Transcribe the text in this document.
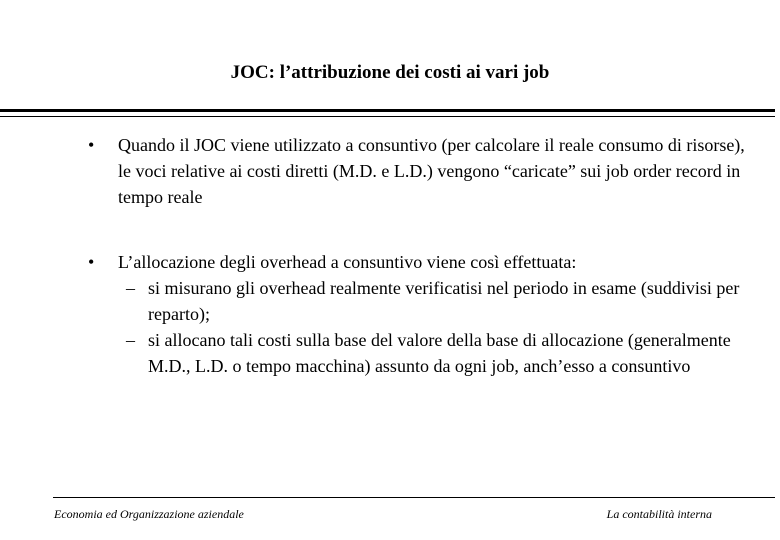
JOC: l’attribuzione dei costi ai vari job
• Quando il JOC viene utilizzato a consuntivo (per calcolare il reale consumo di risorse), le voci relative ai costi diretti (M.D. e L.D.) vengono “caricate” sui job order record in tempo reale
• L’allocazione degli overhead a consuntivo viene così effettuata:
– si misurano gli overhead realmente verificatisi nel periodo in esame (suddivisi per reparto);
– si allocano tali costi sulla base del valore della base di allocazione (generalmente M.D., L.D. o tempo macchina) assunto da ogni job, anch’esso a consuntivo
Economia ed Organizzazione aziendale	La contabilità interna
